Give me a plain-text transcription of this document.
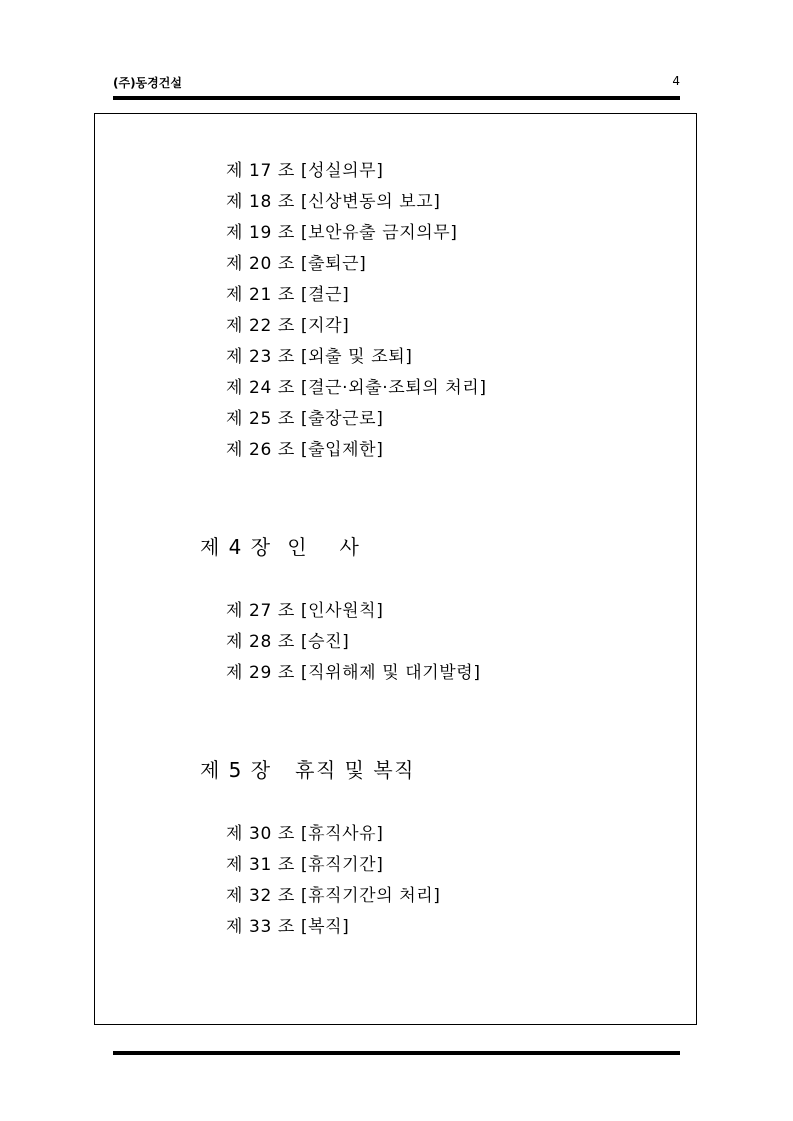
(주)동경건설	4
제 17 조 [성실의무]
제 18 조 [신상변동의 보고]
제 19 조 [보안유출 금지의무]
제 20 조 [출퇴근]
제 21 조 [결근]
제 22 조 [지각]
제 23 조 [외출 및 조퇴]
제 24 조 [결근·외출·조퇴의 처리]
제 25 조 [출장근로]
제 26 조 [출입제한]
제 4 장  인    사
제 27 조 [인사원칙]
제 28 조 [승진]
제 29 조 [직위해제 및 대기발령]
제 5 장   휴직 및 복직
제 30 조 [휴직사유]
제 31 조 [휴직기간]
제 32 조 [휴직기간의 처리]
제 33 조 [복직]
